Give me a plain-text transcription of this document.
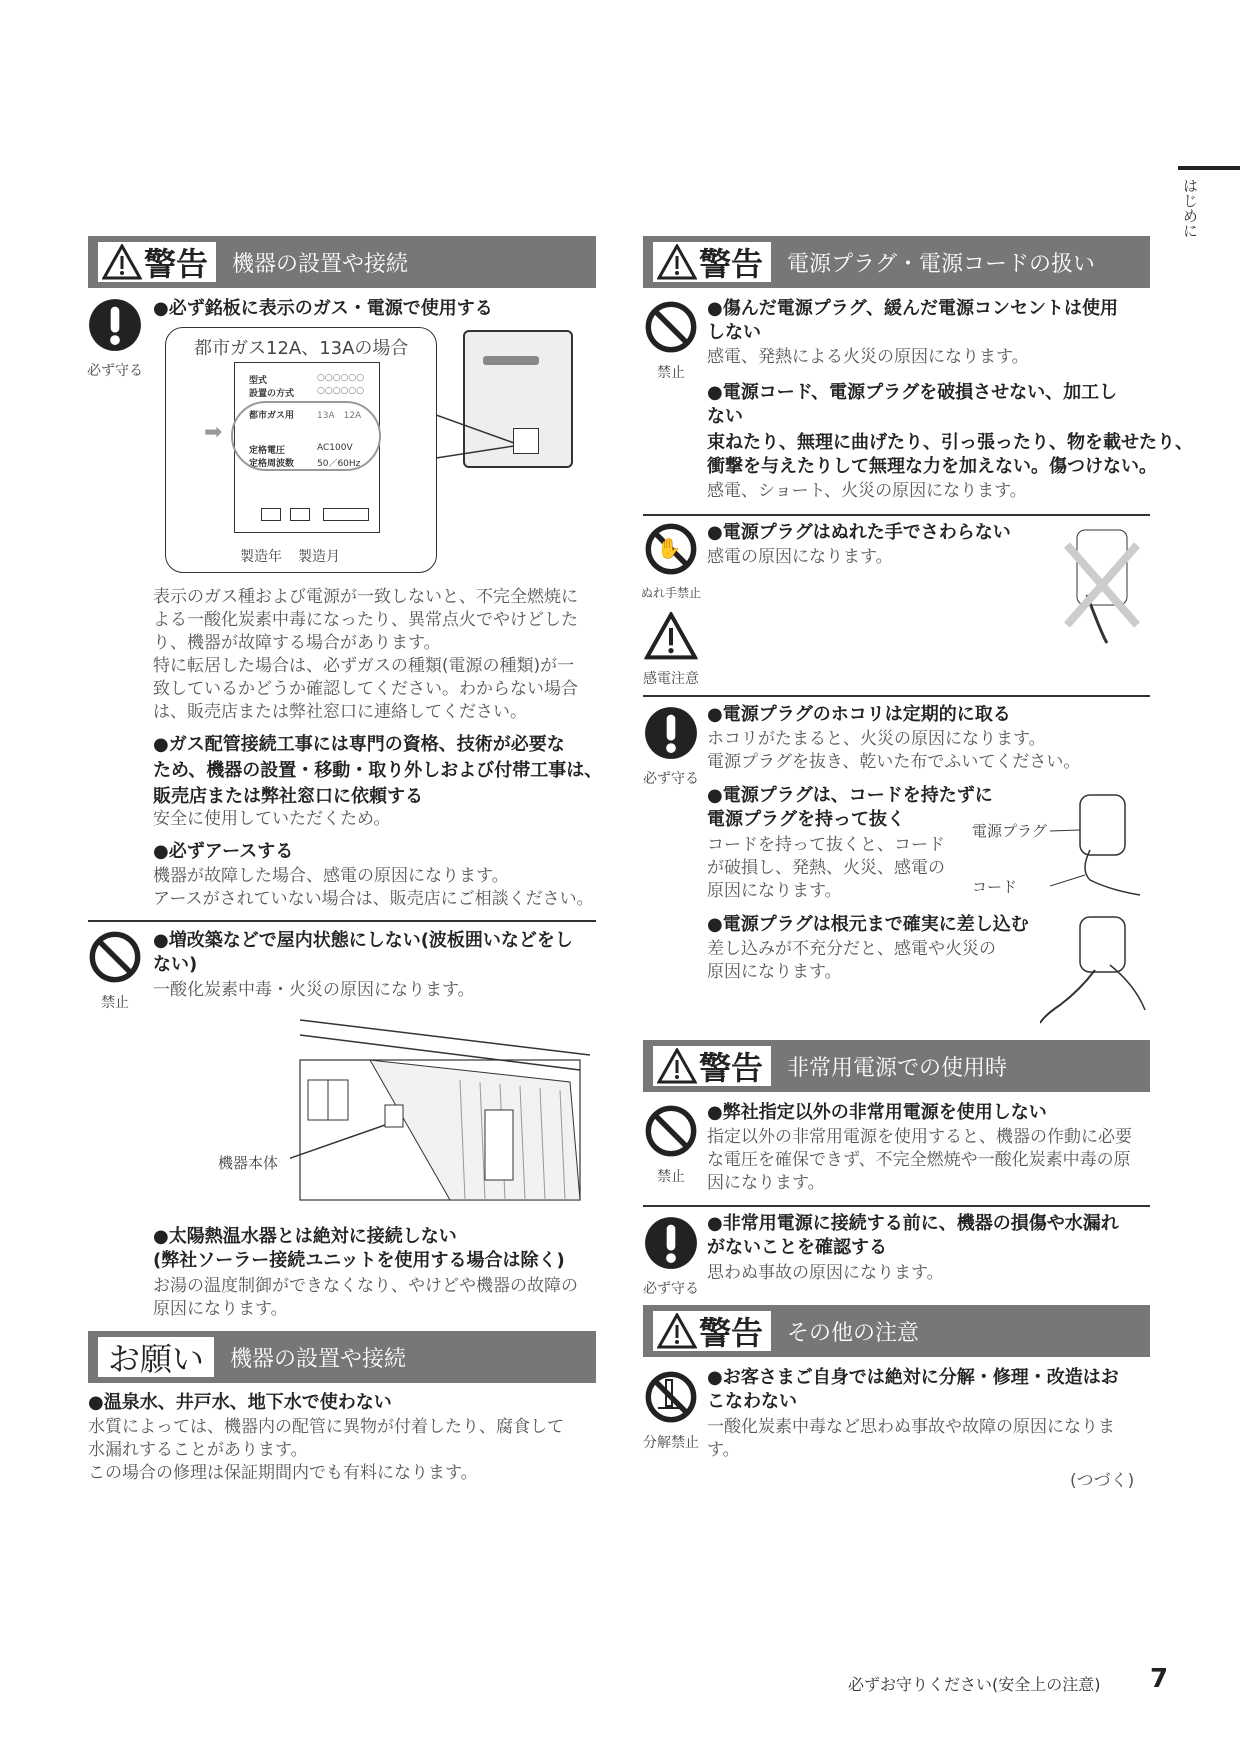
はじめに
警告 機器の設置や接続
必ず守る
●必ず銘板に表示のガス・電源で使用する
都市ガス12A、13Aの場合
型式	○○○○○○
設置の方式	○○○○○○
都市ガス用	13A　12A
定格電圧	AC100V
定格周波数	50／60Hz
➡
製造年 製造月
表示のガス種および電源が一致しないと、不完全燃焼に
よる一酸化炭素中毒になったり、異常点火でやけどした
り、機器が故障する場合があります。
特に転居した場合は、必ずガスの種類(電源の種類)が一
致しているかどうか確認してください。わからない場合
は、販売店または弊社窓口に連絡してください。
●ガス配管接続工事には専門の資格、技術が必要な
ため、機器の設置・移動・取り外しおよび付帯工事は、
販売店または弊社窓口に依頼する
安全に使用していただくため。
●必ずアースする
機器が故障した場合、感電の原因になります。
アースがされていない場合は、販売店にご相談ください。
禁止
●増改築などで屋内状態にしない(波板囲いなどをし
ない)
一酸化炭素中毒・火災の原因になります。
機器本体
●太陽熱温水器とは絶対に接続しない
(弊社ソーラー接続ユニットを使用する場合は除く)
お湯の温度制御ができなくなり、やけどや機器の故障の
原因になります。
お願い 機器の設置や接続
●温泉水、井戸水、地下水で使わない
水質によっては、機器内の配管に異物が付着したり、腐食して
水漏れすることがあります。
この場合の修理は保証期間内でも有料になります。
警告 電源プラグ・電源コードの扱い
禁止
●傷んだ電源プラグ、緩んだ電源コンセントは使用
しない
感電、発熱による火災の原因になります。
●電源コード、電源プラグを破損させない、加工し
ない
束ねたり、無理に曲げたり、引っ張ったり、物を載せたり、
衝撃を与えたりして無理な力を加えない。傷つけない。
感電、ショート、火災の原因になります。
✋
ぬれ手禁止
感電注意
●電源プラグはぬれた手でさわらない
感電の原因になります。
必ず守る
●電源プラグのホコリは定期的に取る
ホコリがたまると、火災の原因になります。
電源プラグを抜き、乾いた布でふいてください。
●電源プラグは、コードを持たずに
電源プラグを持って抜く
コードを持って抜くと、コード
が破損し、発熱、火災、感電の
原因になります。
電源プラグ
コード
●電源プラグは根元まで確実に差し込む
差し込みが不充分だと、感電や火災の
原因になります。
警告 非常用電源での使用時
禁止
●弊社指定以外の非常用電源を使用しない
指定以外の非常用電源を使用すると、機器の作動に必要
な電圧を確保できず、不完全燃焼や一酸化炭素中毒の原
因になります。
必ず守る
●非常用電源に接続する前に、機器の損傷や水漏れ
がないことを確認する
思わぬ事故の原因になります。
警告 その他の注意
分解禁止
●お客さまご自身では絶対に分解・修理・改造はお
こなわない
一酸化炭素中毒など思わぬ事故や故障の原因になりま
す。
(つづく)
必ずお守りください(安全上の注意) 7
